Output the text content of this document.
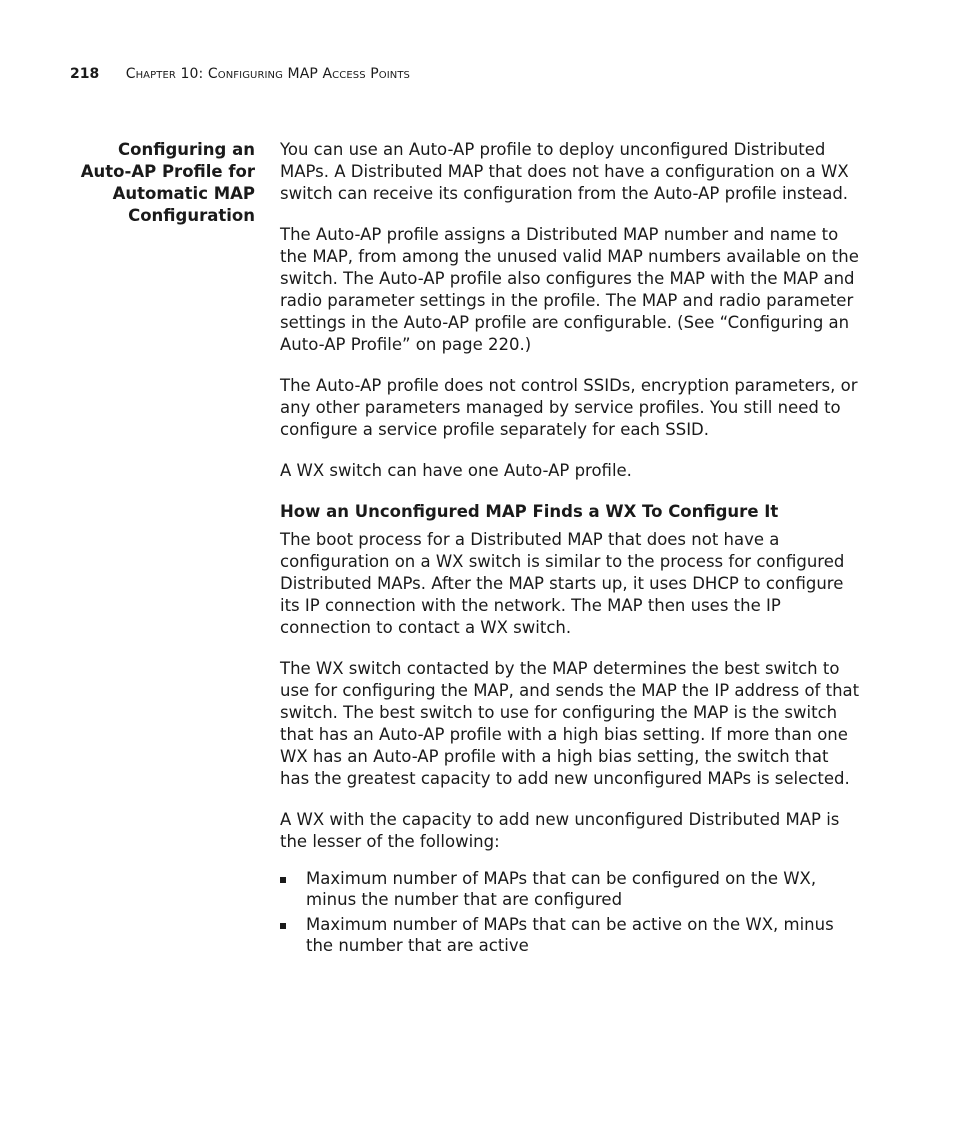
218 Chapter 10: Configuring MAP Access Points
Configuring an
Auto-AP Profile for
Automatic MAP
Configuration

You can use an Auto-AP profile to deploy unconfigured Distributed MAPs. A Distributed MAP that does not have a configuration on a WX switch can receive its configuration from the Auto-AP profile instead.

The Auto-AP profile assigns a Distributed MAP number and name to the MAP, from among the unused valid MAP numbers available on the switch. The Auto-AP profile also configures the MAP with the MAP and radio parameter settings in the profile. The MAP and radio parameter settings in the Auto-AP profile are configurable. (See “Configuring an Auto-AP Profile” on page 220.)

The Auto-AP profile does not control SSIDs, encryption parameters, or any other parameters managed by service profiles. You still need to configure a service profile separately for each SSID.

A WX switch can have one Auto-AP profile.

How an Unconfigured MAP Finds a WX To Configure It

The boot process for a Distributed MAP that does not have a configuration on a WX switch is similar to the process for configured Distributed MAPs. After the MAP starts up, it uses DHCP to configure its IP connection with the network. The MAP then uses the IP connection to contact a WX switch.

The WX switch contacted by the MAP determines the best switch to use for configuring the MAP, and sends the MAP the IP address of that switch. The best switch to use for configuring the MAP is the switch that has an Auto-AP profile with a high bias setting. If more than one WX has an Auto-AP profile with a high bias setting, the switch that has the greatest capacity to add new unconfigured MAPs is selected.

A WX with the capacity to add new unconfigured Distributed MAP is the lesser of the following:

Maximum number of MAPs that can be configured on the WX, minus the number that are configured
Maximum number of MAPs that can be active on the WX, minus the number that are active
